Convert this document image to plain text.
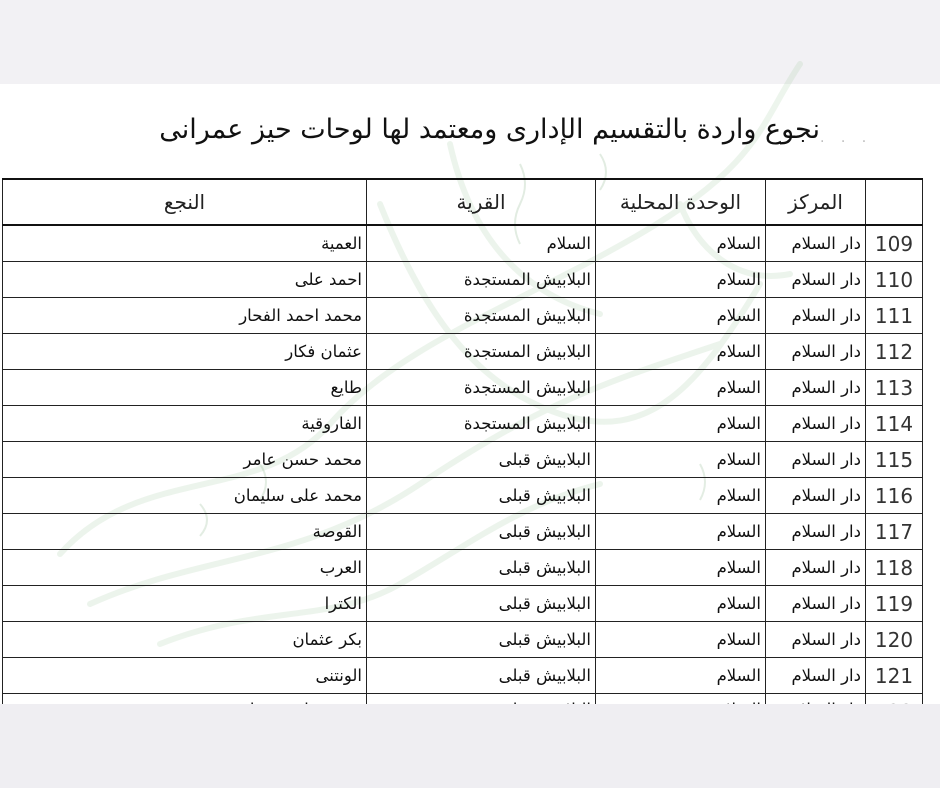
. . .
نجوع واردة بالتقسيم الإدارى ومعتمد لها لوحات حيز عمرانى
	المركز	الوحدة المحلية	القرية	النجع
109	دار السلام	السلام	السلام	العمية
110	دار السلام	السلام	البلابيش المستجدة	احمد على
111	دار السلام	السلام	البلابيش المستجدة	محمد احمد الفحار
112	دار السلام	السلام	البلابيش المستجدة	عثمان فكار
113	دار السلام	السلام	البلابيش المستجدة	طايع
114	دار السلام	السلام	البلابيش المستجدة	الفاروقية
115	دار السلام	السلام	البلابيش قبلى	محمد حسن عامر
116	دار السلام	السلام	البلابيش قبلى	محمد على سليمان
117	دار السلام	السلام	البلابيش قبلى	القوصة
118	دار السلام	السلام	البلابيش قبلى	العرب
119	دار السلام	السلام	البلابيش قبلى	الكترا
120	دار السلام	السلام	البلابيش قبلى	بكر عثمان
121	دار السلام	السلام	البلابيش قبلى	الونتنى
